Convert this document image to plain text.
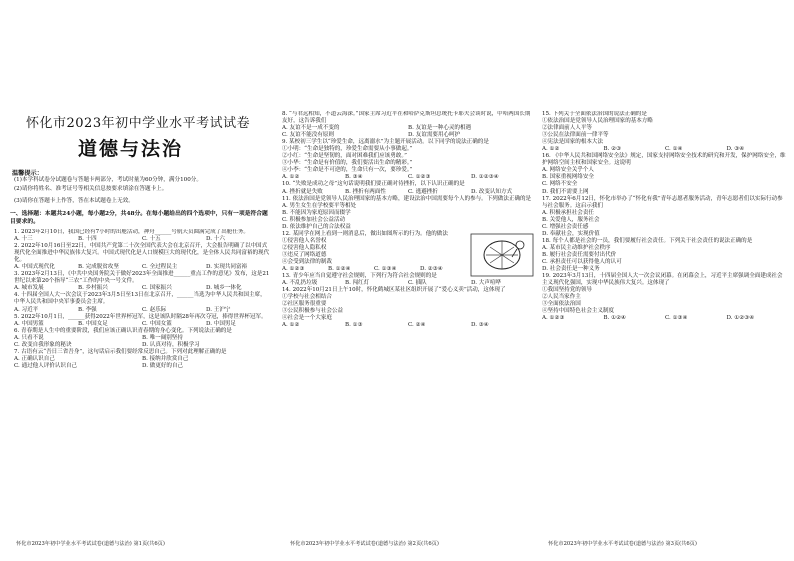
怀化市2023年初中学业水平考试试卷
道德与法治
温馨提示：
(1)本学科试卷分试题卷与答题卡两部分，考试时量为60分钟，满分100分。
(2)请你将姓名、准考证号等相关信息按要求填涂在答题卡上。
(3)请你在答题卡上作答，答在本试题卷上无效。
一、选择题：本题共24小题，每小题2分，共48分。在每小题给出的四个选项中，只有一项是符合题目要求的。

1. 2023年2月10日，我国已经有7小时的出舱活动，神舟______号航天员圆满完成了出舱任务。

A. 十三	B. 十四	C. 十五	D. 十六

2. 2022年10月16日至22日，中国共产党第二十次全国代表大会在北京召开，大会报告明确了以中国式现代化全面推进中华民族伟大复兴。中国式现代化是人口规模巨大的现代化，是全体人民共同富裕的现代化。

A. 中国式现代化	B. 完成脱贫攻坚	C. 全过程民主	D. 实现共同富裕

3. 2023年2月13日，《中共中央国务院关于做好2023年全面推进______重点工作的意见》发布，这是21世纪以来第20个指导“三农”工作的中央一号文件。

A. 城市发展	B. 乡村振兴	C. 国家振兴	D. 城乡一体化

4. 十四届全国人大一次会议于2023年3月5日至13日在北京召开，______当选为中华人民共和国主席，中华人民共和国中央军事委员会主席。

A. 习近平	B. 李强	C. 赵乐际	D. 王沪宁

5. 2022年10月1日，______获得2022年世界杯冠军，这是该队时隔28年再次夺冠，捧得世界杯冠军。

A. 中国男篮	B. 中国女足	C. 中国女篮	D. 中国男足

6. 青春期是人生中的重要阶段，我们应该正确认识青春期的身心变化。下列说法正确的是

A. 只看不说	B. 唯一阔别坚持
C. 改变自我形象的秘诀	D. 认真对待，积极学习

7. 古语有云“吾日三省吾身”，这句话启示我们要经常反思自己。下列对此理解正确的是

A. 正确认识自己	B. 接纳并欣赏自己
C. 通过他人评价认识自己	D. 做更好的自己

8. “与君远相知，不道云海深。”国家主席习近平在和哈萨克斯坦总统托卡耶夫会谈时说，中哈两国长期友好，这告诉我们

A. 友谊不是一成不变的	B. 友谊是一种心灵的相遇
C. 友谊不能没有原则	D. 友谊需要用心呵护

9. 某校初三学生以“珍爱生命，远离溺水”为主题开展活动。以下同学的说法正确的是

①小明：“生命是独特的，珍爱生命需要从小事做起。”

②小红：“生命是坚韧的，面对困难我们应该勇敢。”

③小华：“生命是有价值的，我们要活出生命的精彩。”

④小李：“生命是不可逆的，生命只有一次，要珍爱。”

A. ①②	B. ③④	C. ①②③	D. ①②③④

10. “失败是成功之母”这句话说明我们要正确对待挫折，以下认识正确的是

A. 挫折就是失败	B. 挫折有两面性	C. 逃避挫折	D. 改变认知方式

11. 依法治国是党领导人民治理国家的基本方略，建设法治中国需要每个人的参与。下列做法正确的是

A. 男生女生在学校要平等相处

B. 不能因为家庭原因而辍学

C. 积极参加社会公益活动

D. 依法维护自己的合法权益

12. 某同学在网上看到一则消息后，做出如图所示的行为。他的做法

①侵害他人名誉权

②侵害他人隐私权

③违反了网络道德

④会受到法律的制裁

A. ①②③	B. ①②④	C. ①③④	D. ②③④

13. 青少年应当自觉遵守社会规则，下列行为符合社会规则的是

A. 不乱扔垃圾	B. 闯红灯	C. 插队	D. 大声喧哗

14. 2022年10月21日上午10时，怀化鹤城区某社区组织开展了“爱心义卖”活动，这体现了

①学校与社会相结合

②社区服务很重要

③公民积极参与社会公益

④社会是一个大家庭

A. ①②	B. ①③	C. ②④	D. ③④

15. 下列关于全面依法治国的说法正确的是

①依法治国是党领导人民治理国家的基本方略

②法律面前人人平等

③公民在法律面前一律平等

④宪法是国家的根本大法

A. ①②	B. ②③	C. ①④	D. ③④

16. 《中华人民共和国网络安全法》规定，国家支持网络安全技术的研究和开发，保护网络安全，维护网络空间主权和国家安全。这说明

A. 网络安全关乎个人

B. 国家重视网络安全

C. 网络不安全

D. 我们不需要上网

17. 2022年6月12日，怀化市举办了“怀化有我”青年志愿者服务活动，青年志愿者们以实际行动参与社会服务。这启示我们

A. 积极承担社会责任

B. 关爱他人，服务社会

C. 增强社会责任感

D. 奉献社会，实现价值

18. 每个人都是社会的一员，我们要履行社会责任。下列关于社会责任的说法正确的是

A. 某市民主动维护社会秩序

B. 履行社会责任需要付出代价

C. 承担责任可以获得他人的认可

D. 社会责任是一种义务

19. 2023年3月13日，十四届全国人大一次会议闭幕。在闭幕会上，习近平主席强调全面建成社会主义现代化强国，实现中华民族伟大复兴。这体现了

①我国坚持党的领导

②人民当家作主

③全面依法治国

④坚持中国特色社会主义制度

A. ①②③	B. ①②④	C. ①③④	D. ①②③④
怀化市2023年初中学业水平考试试卷(道德与法治) 第1页(共6页)	怀化市2023年初中学业水平考试试卷(道德与法治) 第2页(共6页)	怀化市2023年初中学业水平考试试卷(道德与法治) 第3页(共6页)
